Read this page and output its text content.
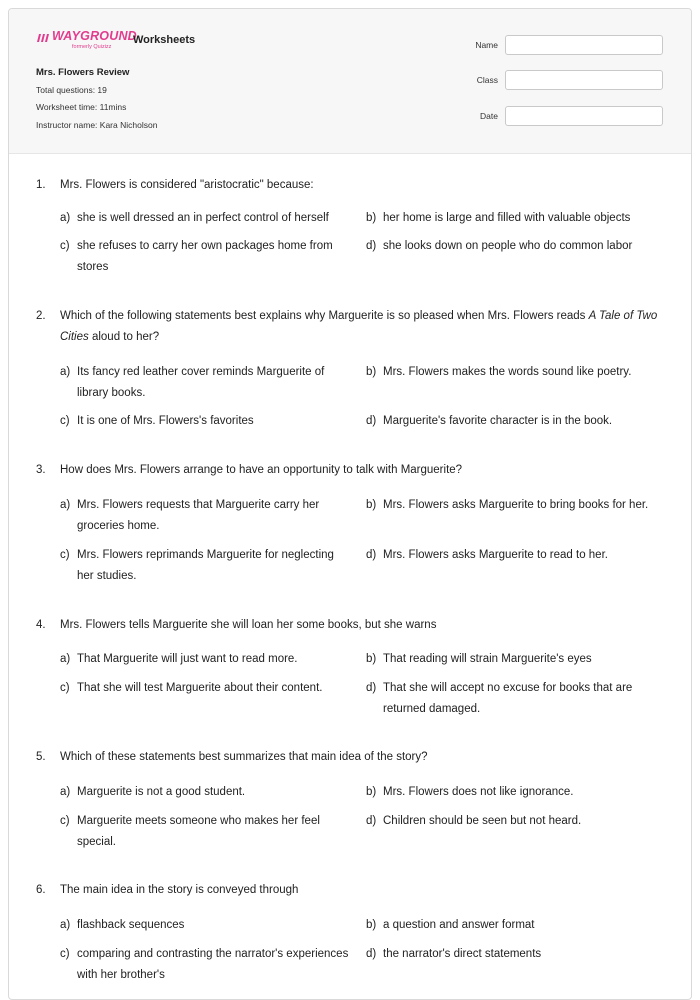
WAYGROUND
formerly Quizizz
Worksheets
Mrs. Flowers Review
Total questions: 19
Worksheet time: 11mins
Instructor name: Kara Nicholson
Name
Class
Date
1. Mrs. Flowers is considered "aristocratic" because:
a) she is well dressed an in perfect control of herself	b) her home is large and filled with valuable objects
c) she refuses to carry her own packages home from stores
d) she looks down on people who do common labor
2. Which of the following statements best explains why Marguerite is so pleased when Mrs. Flowers reads A Tale of Two Cities aloud to her?
a) Its fancy red leather cover reminds Marguerite of library books.
b) Mrs. Flowers makes the words sound like poetry.
c) It is one of Mrs. Flowers's favorites	d) Marguerite's favorite character is in the book.
3. How does Mrs. Flowers arrange to have an opportunity to talk with Marguerite?
a) Mrs. Flowers requests that Marguerite carry her groceries home.
b) Mrs. Flowers asks Marguerite to bring books for her.
c) Mrs. Flowers reprimands Marguerite for neglecting her studies.
d) Mrs. Flowers asks Marguerite to read to her.
4. Mrs. Flowers tells Marguerite she will loan her some books, but she warns
a) That Marguerite will just want to read more.	b) That reading will strain Marguerite's eyes
c) That she will test Marguerite about their content.	d) That she will accept no excuse for books that are returned damaged.
5. Which of these statements best summarizes that main idea of the story?
a) Marguerite is not a good student.	b) Mrs. Flowers does not like ignorance.
c) Marguerite meets someone who makes her feel special.
d) Children should be seen but not heard.
6. The main idea in the story is conveyed through
a) flashback sequences	b) a question and answer format
c) comparing and contrasting the narrator's experiences with her brother's
d) the narrator's direct statements
